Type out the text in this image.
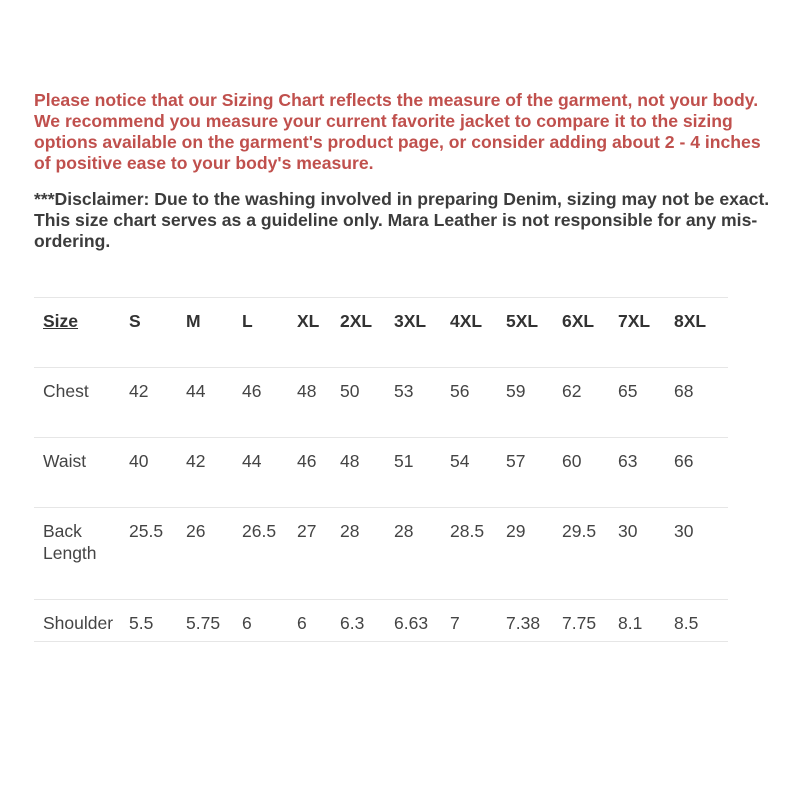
Please notice that our Sizing Chart reflects the measure of the garment, not your body. We recommend you measure your current favorite jacket to compare it to the sizing options available on the garment's product page, or consider adding about 2 - 4 inches of positive ease to your body's measure.

***Disclaimer: Due to the washing involved in preparing Denim, sizing may not be exact. This size chart serves as a guideline only. Mara Leather is not responsible for any mis-ordering.

Size	S	M	L	XL	2XL	3XL	4XL	5XL	6XL	7XL	8XL
Chest	42	44	46	48	50	53	56	59	62	65	68
Waist	40	42	44	46	48	51	54	57	60	63	66
Back Length	25.5	26	26.5	27	28	28	28.5	29	29.5	30	30
Shoulder	5.5	5.75	6	6	6.3	6.63	7	7.38	7.75	8.1	8.5
